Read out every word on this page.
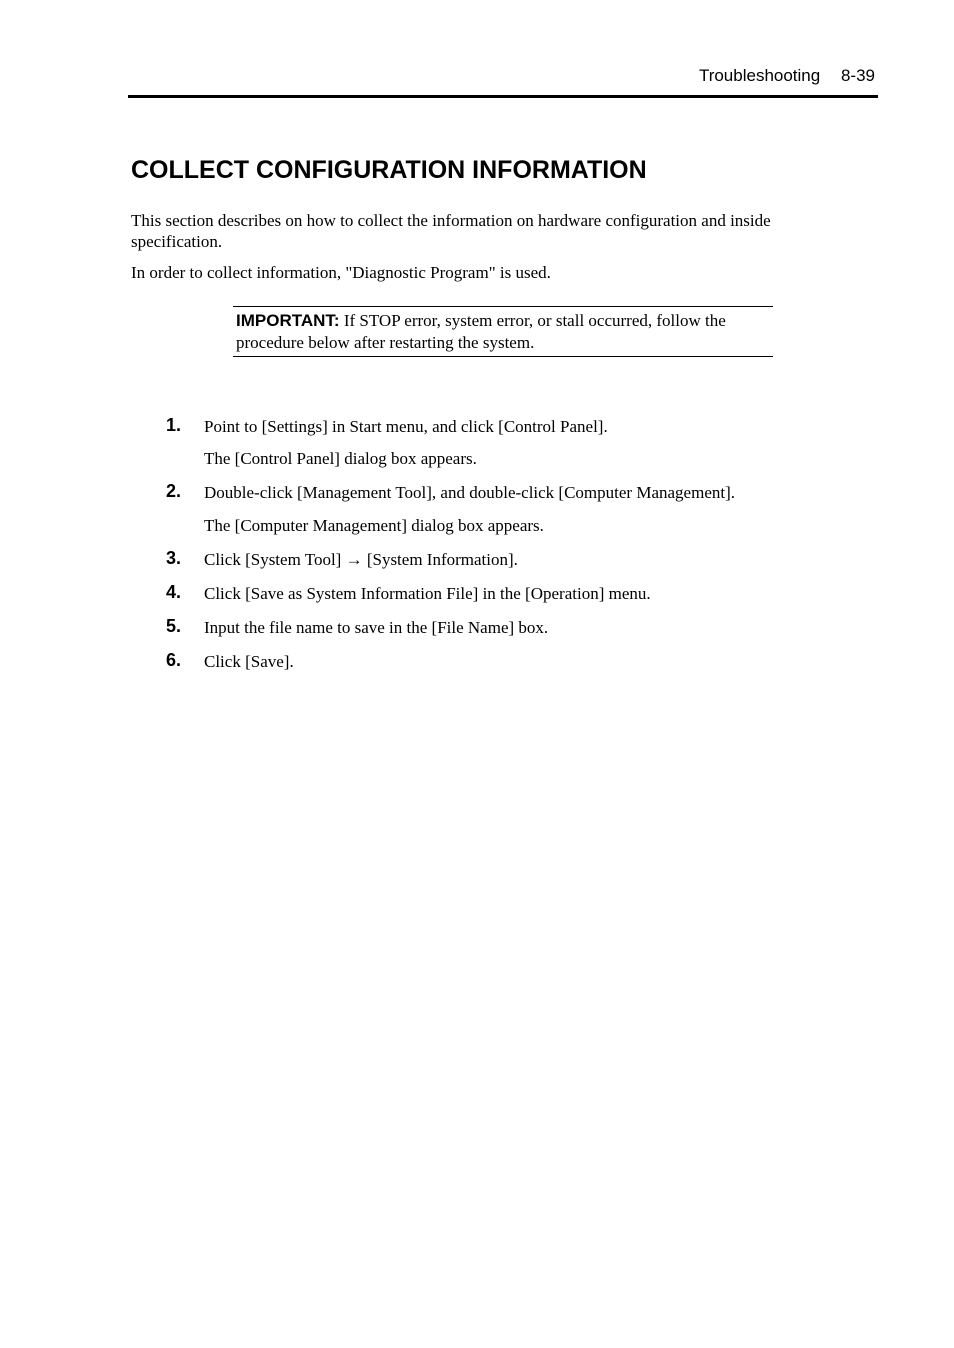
Troubleshooting 8-39
COLLECT CONFIGURATION INFORMATION

This section describes on how to collect the information on hardware configuration and inside specification.

In order to collect information, "Diagnostic Program" is used.

IMPORTANT: If STOP error, system error, or stall occurred, follow the procedure below after restarting the system.
1. Point to [Settings] in Start menu, and click [Control Panel].
The [Control Panel] dialog box appears.
2. Double-click [Management Tool], and double-click [Computer Management].
The [Computer Management] dialog box appears.
3. Click [System Tool] → [System Information].
4. Click [Save as System Information File] in the [Operation] menu.
5. Input the file name to save in the [File Name] box.
6. Click [Save].
